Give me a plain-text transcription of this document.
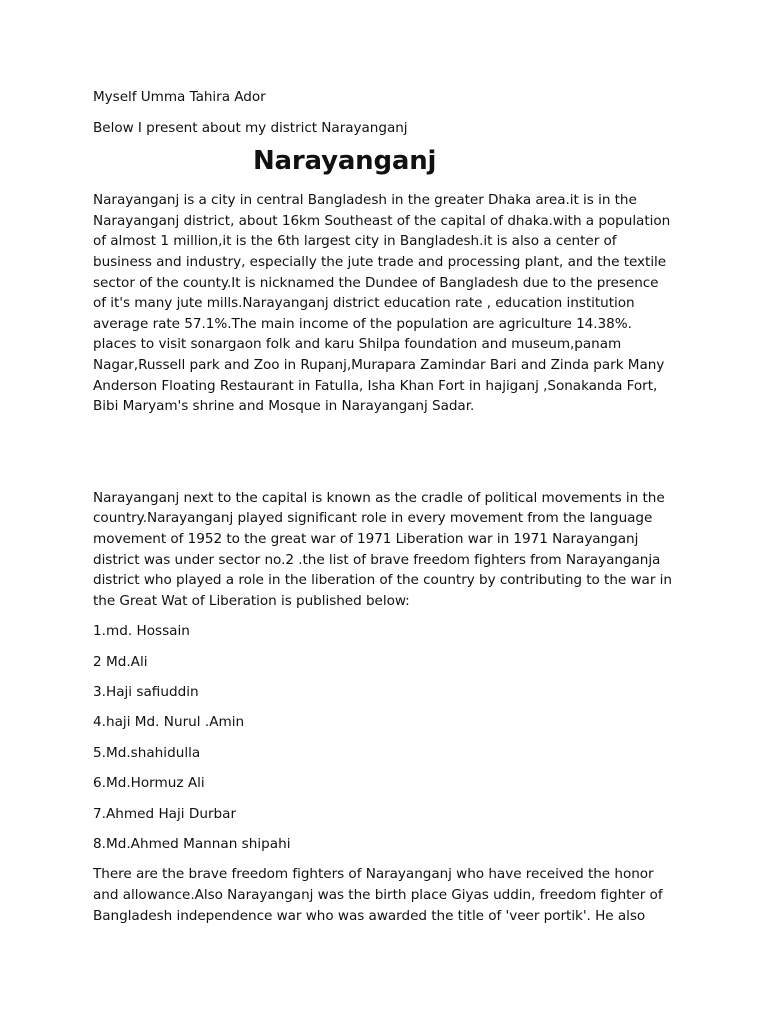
Myself Umma Tahira Ador

Below I present about my district Narayanganj

Narayanganj

Narayanganj is a city in central Bangladesh in the greater Dhaka area.it is in the Narayanganj district, about 16km Southeast of the capital of dhaka.with a population of almost 1 million,it is the 6th largest city in Bangladesh.it is also a center of business and industry, especially the jute trade and processing plant, and the textile sector of the county.It is nicknamed the Dundee of Bangladesh due to the presence of it's many jute mills.Narayanganj district education rate , education institution average rate 57.1%.The main income of the population are agriculture 14.38%. places to visit sonargaon folk and karu Shilpa foundation and museum,panam Nagar,Russell park and Zoo in Rupanj,Murapara Zamindar Bari and Zinda park Many Anderson Floating Restaurant in Fatulla, Isha Khan Fort in hajiganj ,Sonakanda Fort, Bibi Maryam's shrine and Mosque in Narayanganj Sadar.

Narayanganj next to the capital is known as the cradle of political movements in the country.Narayanganj played significant role in every movement from the language movement of 1952 to the great war of 1971 Liberation war in 1971 Narayanganj district was under sector no.2 .the list of brave freedom fighters from Narayanganja district who played a role in the liberation of the country by contributing to the war in the Great Wat of Liberation is published below:

1.md. Hossain
2 Md.Ali
3.Haji safiuddin
4.haji Md. Nurul .Amin
5.Md.shahidulla
6.Md.Hormuz Ali
7.Ahmed Haji Durbar
8.Md.Ahmed Mannan shipahi

There are the brave freedom fighters of Narayanganj who have received the honor and allowance.Also Narayanganj was the birth place Giyas uddin, freedom fighter of Bangladesh independence war who was awarded the title of 'veer portik'. He also
